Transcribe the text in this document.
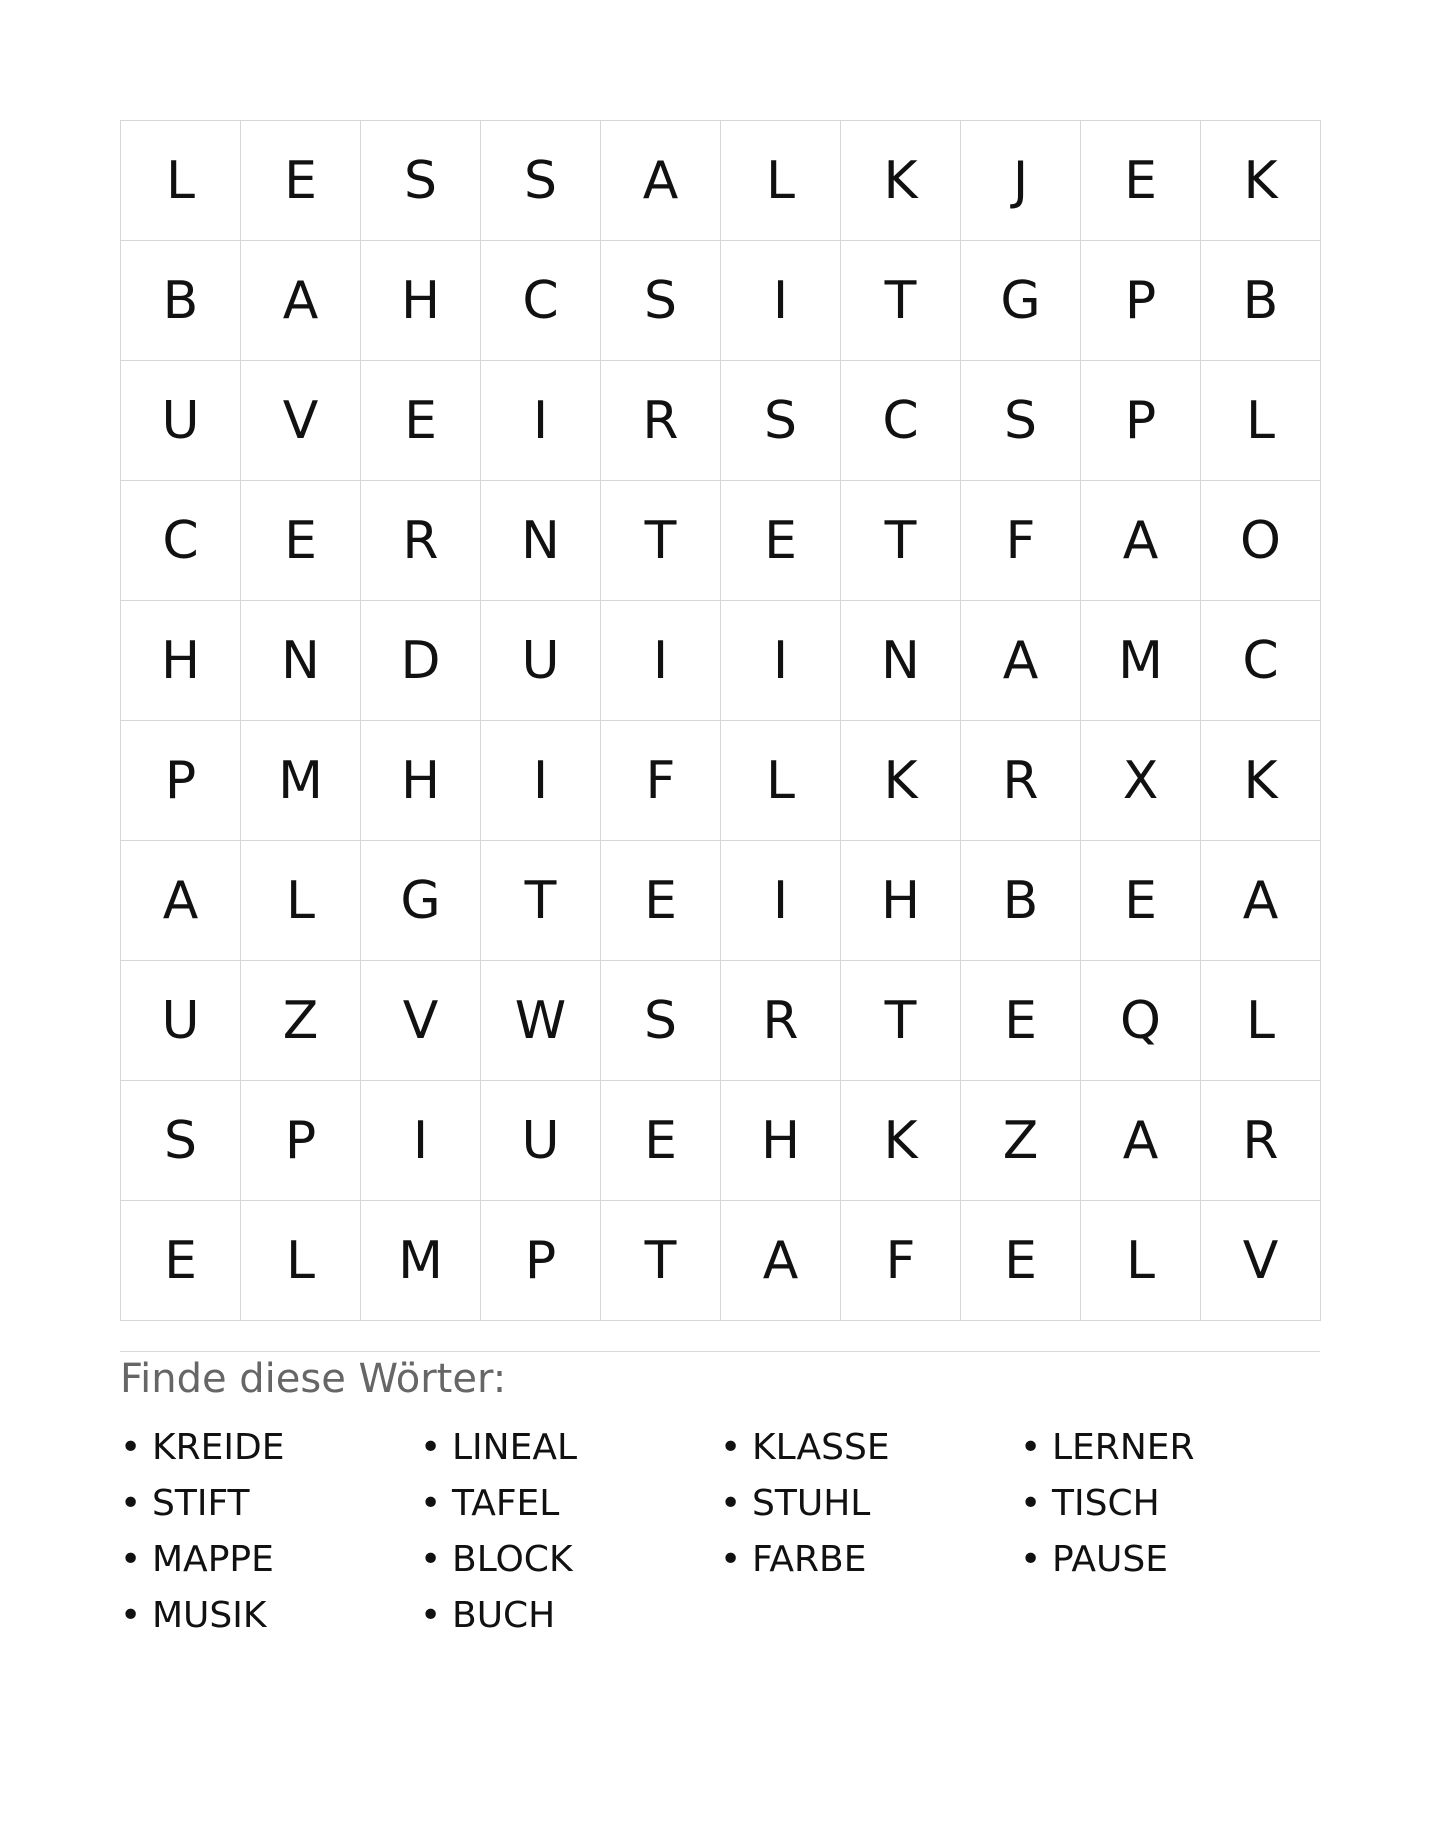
L	E	S	S	A	L	K	J	E	K
B	A	H	C	S	I	T	G	P	B
U	V	E	I	R	S	C	S	P	L
C	E	R	N	T	E	T	F	A	O
H	N	D	U	I	I	N	A	M	C
P	M	H	I	F	L	K	R	X	K
A	L	G	T	E	I	H	B	E	A
U	Z	V	W	S	R	T	E	Q	L
S	P	I	U	E	H	K	Z	A	R
E	L	M	P	T	A	F	E	L	V
Finde diese Wörter:
• KREIDE	• LINEAL	• KLASSE	• LERNER
• STIFT	• TAFEL	• STUHL	• TISCH
• MAPPE	• BLOCK	• FARBE	• PAUSE
• MUSIK	• BUCH
